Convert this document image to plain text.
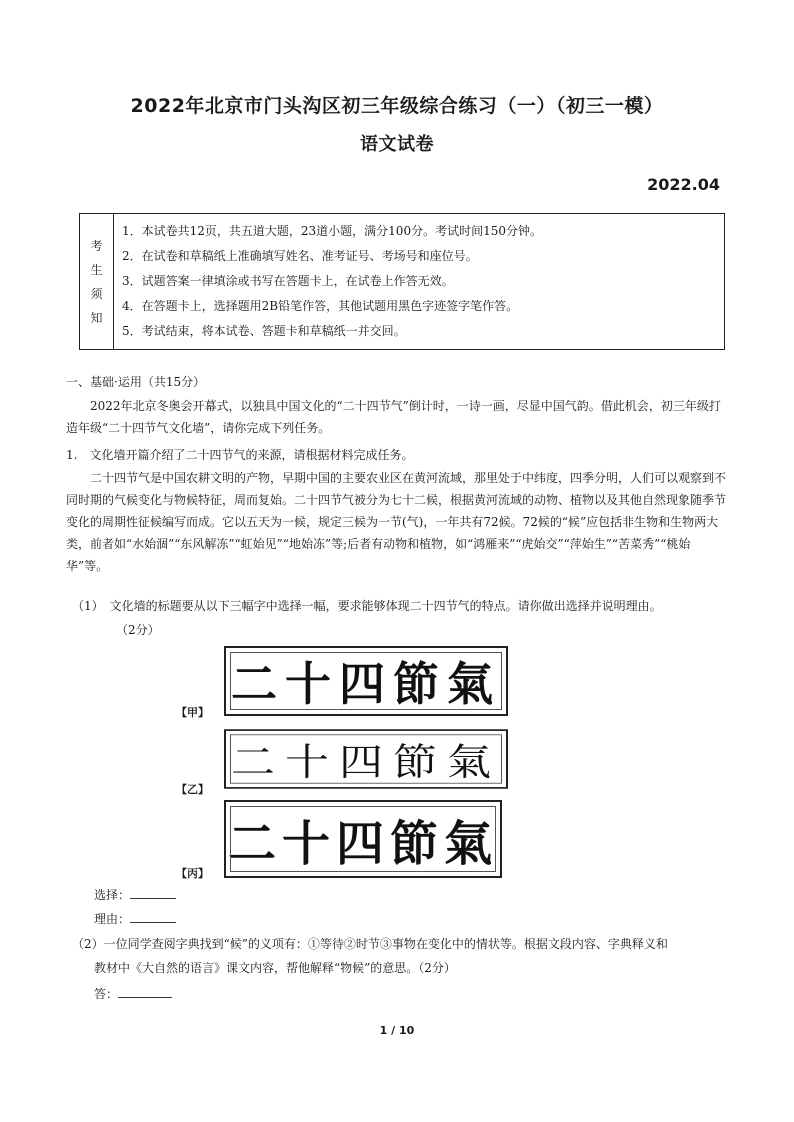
2022年北京市门头沟区初三年级综合练习（一）（初三一模）
语文试卷
2022.04
考
生
须
知
1．本试卷共12页，共五道大题，23道小题，满分100分。考试时间150分钟。
2．在试卷和草稿纸上准确填写姓名、准考证号、考场号和座位号。
3．试题答案一律填涂或书写在答题卡上，在试卷上作答无效。
4．在答题卡上，选择题用2B铅笔作答，其他试题用黑色字迹签字笔作答。
5．考试结束，将本试卷、答题卡和草稿纸一并交回。
一、基础·运用（共15分）
2022年北京冬奥会开幕式，以独具中国文化的“二十四节气”倒计时，一诗一画，尽显中国气韵。借此机会，初三年级打造年级“二十四节气文化墙”，请你完成下列任务。
1.　文化墙开篇介绍了二十四节气的来源，请根据材料完成任务。
二十四节气是中国农耕文明的产物，早期中国的主要农业区在黄河流域，那里处于中纬度，四季分明，人们可以观察到不同时期的气候变化与物候特征，周而复始。二十四节气被分为七十二候，根据黄河流域的动物、植物以及其他自然现象随季节变化的周期性征候编写而成。它以五天为一候，规定三候为一节(气)，一年共有72候。72候的“候”应包括非生物和生物两大类，前者如“水始涸”“东风解冻”“虹始见”“地始冻”等;后者有动物和植物，如“鸿雁来”“虎始交”“萍始生”“苦菜秀”“桃始华”等。
（1）　文化墙的标题要从以下三幅字中选择一幅，要求能够体现二十四节气的特点。请你做出选择并说明理由。
（2分）
二十四節氣
【甲】
二十四節氣
【乙】
二十四節氣
【丙】
选择：
理由：
（2）一位同学查阅字典找到“候”的义项有：①等待②时节③事物在变化中的情状等。根据文段内容、字典释义和
教材中《大自然的语言》课文内容，帮他解释“物候”的意思。（2分）
答：
1 / 10
